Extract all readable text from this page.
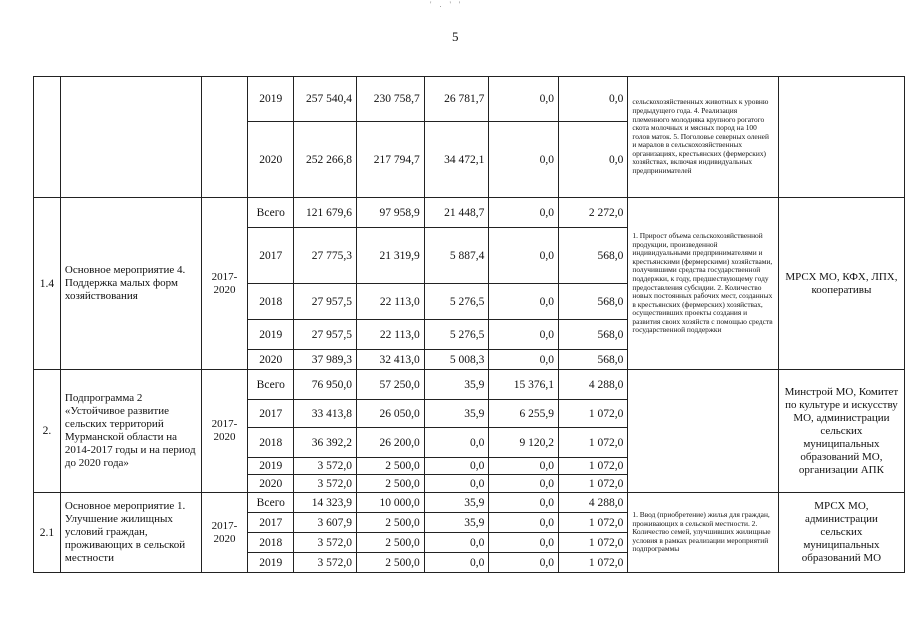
' . ' '
5
			2019	257 540,4	230 758,7	26 781,7	0,0	0,0	сельскохозяйственных животных к уровню предыдущего года. 4. Реализация племенного молодняка крупного рогатого скота молочных и мясных пород на 100 голов маток. 5. Поголовье северных оленей и маралов в сельскохозяйственных организациях, крестьянских (фермерских) хозяйствах, включая индивидуальных предпринимателей	
			2020	252 266,8	217 794,7	34 472,1	0,0	0,0		
1.4	Основное мероприятие 4. Поддержка малых форм хозяйствования	2017-2020	Всего	121 679,6	97 958,9	21 448,7	0,0	2 272,0	1. Прирост объема сельскохозяйственной продукции, произведенной индивидуальными предпринимателями и крестьянскими (фермерскими) хозяйствами, получившими средства государственной поддержки, к году, предшествующему году предоставления субсидии. 2. Количество новых постоянных рабочих мест, созданных в крестьянских (фермерских) хозяйствах, осуществивших проекты создания и развития своих хозяйств с помощью средств государственной поддержки	МРСХ МО, КФХ, ЛПХ, кооперативы
			2017	27 775,3	21 319,9	5 887,4	0,0	568,0		
			2018	27 957,5	22 113,0	5 276,5	0,0	568,0		
			2019	27 957,5	22 113,0	5 276,5	0,0	568,0		
			2020	37 989,3	32 413,0	5 008,3	0,0	568,0		
2.	Подпрограмма 2 «Устойчивое развитие сельских территорий Мурманской области на 2014-2017 годы и на период до 2020 года»	2017-2020	Всего	76 950,0	57 250,0	35,9	15 376,1	4 288,0		Минстрой МО, Комитет по культуре и искусству МО, администрации сельских муниципальных образований МО, организации АПК
			2017	33 413,8	26 050,0	35,9	6 255,9	1 072,0		
			2018	36 392,2	26 200,0	0,0	9 120,2	1 072,0		
			2019	3 572,0	2 500,0	0,0	0,0	1 072,0		
			2020	3 572,0	2 500,0	0,0	0,0	1 072,0		
2.1	Основное мероприятие 1. Улучшение жилищных условий граждан, проживающих в сельской местности	2017-2020	Всего	14 323,9	10 000,0	35,9	0,0	4 288,0	1. Ввод (приобретение) жилья для граждан, проживающих в сельской местности. 2. Количество семей, улучшивших жилищные условия в рамках реализации мероприятий подпрограммы	МРСХ МО, администрации сельских муниципальных образований МО
			2017	3 607,9	2 500,0	35,9	0,0	1 072,0		
			2018	3 572,0	2 500,0	0,0	0,0	1 072,0		
			2019	3 572,0	2 500,0	0,0	0,0	1 072,0		
